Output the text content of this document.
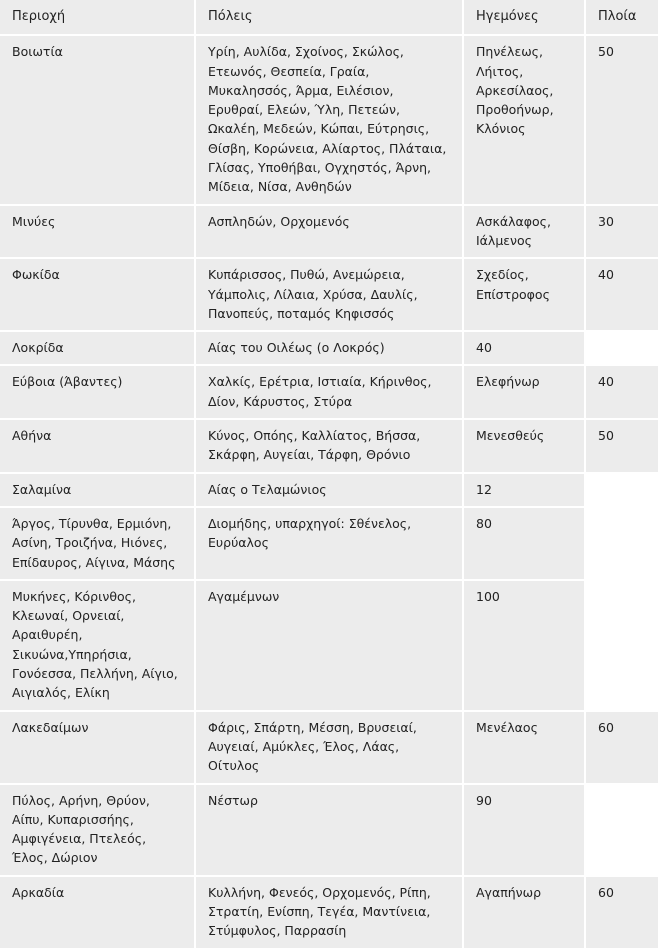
Περιοχή	Πόλεις	Ηγεμόνες	Πλοία
Βοιωτία	Υρίη, Αυλίδα, Σχοίνος, Σκώλος, Ετεωνός, Θεσπεία, Γραία, Μυκαλησσός, Άρμα, Ειλέσιον, Ερυθραί, Ελεών, Ύλη, Πετεών, Ωκαλέη, Μεδεών, Κώπαι, Εύτρησις, Θίσβη, Κορώνεια, Αλίαρτος, Πλάταια, Γλίσας, Υποθήβαι, Ογχηστός, Άρνη, Μίδεια, Νίσα, Ανθηδών	Πηνέλεως, Λήιτος, Αρκεσίλαος, Προθοήνωρ, Κλόνιος	50
Μινύες	Ασπληδών, Ορχομενός	Ασκάλαφος, Ιάλμενος	30
Φωκίδα	Κυπάρισσος, Πυθώ, Ανεμώρεια, Υάμπολις, Λίλαια, Χρύσα, Δαυλίς, Πανοπεύς, ποταμός Κηφισσός	Σχεδίος, Επίστροφος	40
Λοκρίδα	Αίας του Οιλέως (ο Λοκρός)	40	
Εύβοια (Άβαντες)	Χαλκίς, Ερέτρια, Ιστιαία, Κήρινθος, Δίον, Κάρυστος, Στύρα	Ελεφήνωρ	40
Αθήνα	Κύνος, Οπόης, Καλλίατος, Βήσσα, Σκάρφη, Αυγείαι, Τάρφη, Θρόνιο	Μενεσθεύς	50
Σαλαμίνα	Αίας ο Τελαμώνιος	12	
Άργος, Τίρυνθα, Ερμιόνη, Ασίνη, Τροιζήνα, Ηιόνες, Επίδαυρος, Αίγινα, Μάσης	Διομήδης, υπαρχηγοί: Σθένελος, Ευρύαλος	80	
Μυκήνες, Κόρινθος, Κλεωναί, Ορνειαί, Αραιθυρέη, Σικυώνα,Υπηρήσια, Γονόεσσα, Πελλήνη, Αίγιο, Αιγιαλός, Ελίκη	Αγαμέμνων	100	
Λακεδαίμων	Φάρις, Σπάρτη, Μέσση, Βρυσειαί, Αυγειαί, Αμύκλες, Έλος, Λάας, Οίτυλος	Μενέλαος	60
Πύλος, Αρήνη, Θρύον, Αίπυ, Κυπαρισσήης, Αμφιγένεια, Πτελεός, Έλος, Δώριον	Νέστωρ	90	
Αρκαδία	Κυλλήνη, Φενεός, Ορχομενός, Ρίπη, Στρατίη, Ενίσπη, Τεγέα, Μαντίνεια, Στύμφυλος, Παρρασίη	Αγαπήνωρ	60
